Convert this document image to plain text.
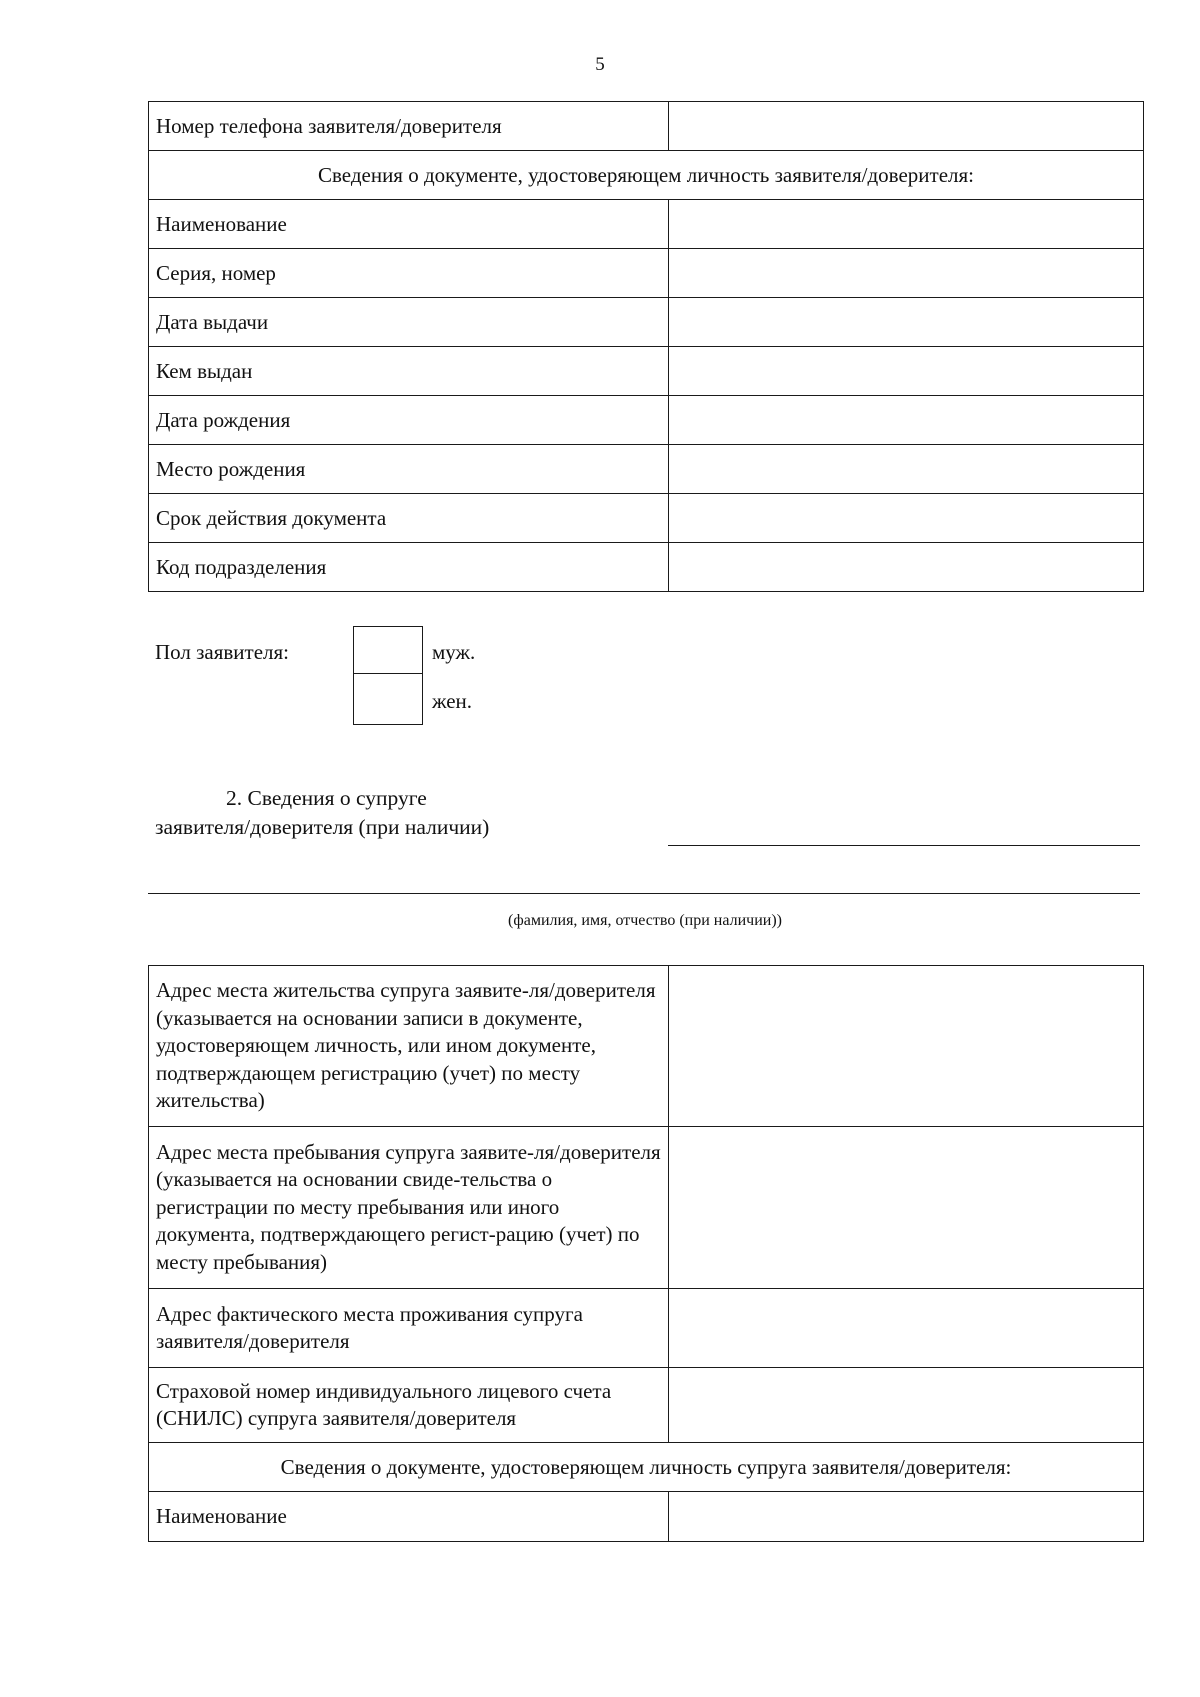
5
Номер телефона заявителя/доверителя	
Сведения о документе, удостоверяющем личность заявителя/доверителя:	
Наименование	
Серия, номер	
Дата выдачи	
Кем выдан	
Дата рождения	
Место рождения	
Срок действия документа	
Код подразделения	
Пол заявителя:	муж.
жен.
2. Сведения о супруге
заявителя/доверителя (при наличии)
(фамилия, имя, отчество (при наличии))
Адрес места жительства супруга заявите-ля/доверителя (указывается на основании записи в документе, удостоверяющем личность, или ином документе, подтверждающем регистрацию (учет) по месту жительства)	
Адрес места пребывания супруга заявите-ля/доверителя (указывается на основании свиде-тельства о регистрации по месту пребывания или иного документа, подтверждающего регист-рацию (учет) по месту пребывания)	
Адрес фактического места проживания супруга заявителя/доверителя	
Страховой номер индивидуального лицевого счета (СНИЛС) супруга заявителя/доверителя	
Сведения о документе, удостоверяющем личность супруга заявителя/доверителя:	
Наименование	
